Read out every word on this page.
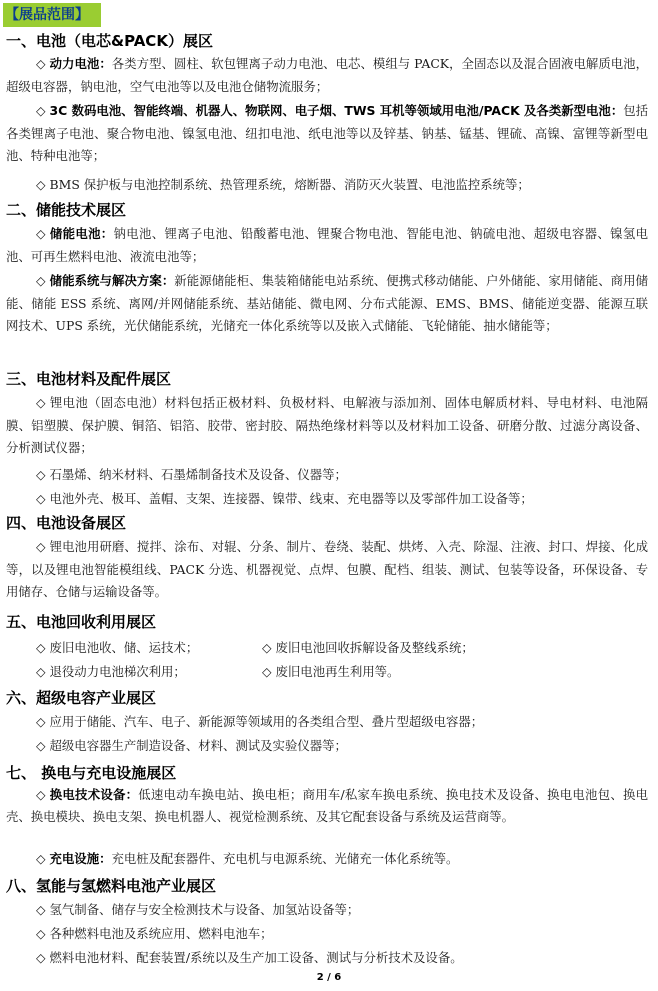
【展品范围】
一、电池（电芯&PACK）展区
◇ 动力电池：各类方型、圆柱、软包锂离子动力电池、电芯、模组与 PACK，全固态以及混合固液电解质电池，超级电容器，钠电池，空气电池等以及电池仓储物流服务；
◇ 3C 数码电池、智能终端、机器人、物联网、电子烟、TWS 耳机等领域用电池/PACK 及各类新型电池：包括各类锂离子电池、聚合物电池、镍氢电池、纽扣电池、纸电池等以及锌基、钠基、锰基、锂硫、高镍、富锂等新型电池、特种电池等；
◇ BMS 保护板与电池控制系统、热管理系统，熔断器、消防灭火装置、电池监控系统等；
二、储能技术展区
◇ 储能电池：钠电池、锂离子电池、铅酸蓄电池、锂聚合物电池、智能电池、钠硫电池、超级电容器、镍氢电池、可再生燃料电池、液流电池等；
◇ 储能系统与解决方案：新能源储能柜、集装箱储能电站系统、便携式移动储能、户外储能、家用储能、商用储能、储能 ESS 系统、离网/并网储能系统、基站储能、微电网、分布式能源、EMS、BMS、储能逆变器、能源互联网技术、UPS 系统，光伏储能系统，光储充一体化系统等以及嵌入式储能、飞轮储能、抽水储能等；
三、电池材料及配件展区
◇ 锂电池（固态电池）材料包括正极材料、负极材料、电解液与添加剂、固体电解质材料、导电材料、电池隔膜、铝塑膜、保护膜、铜箔、铝箔、胶带、密封胶、隔热绝缘材料等以及材料加工设备、研磨分散、过滤分离设备、分析测试仪器；
◇ 石墨烯、纳米材料、石墨烯制备技术及设备、仪器等；
◇ 电池外壳、极耳、盖帽、支架、连接器、镍带、线束、充电器等以及零部件加工设备等；
四、电池设备展区
◇ 锂电池用研磨、搅拌、涂布、对辊、分条、制片、卷绕、装配、烘烤、入壳、除湿、注液、封口、焊接、化成等，以及锂电池智能模组线、PACK 分选、机器视觉、点焊、包膜、配档、组装、测试、包装等设备，环保设备、专用储存、仓储与运输设备等。
五、电池回收利用展区
◇ 废旧电池收、储、运技术；	◇ 废旧电池回收拆解设备及整线系统；
◇ 退役动力电池梯次利用；	◇ 废旧电池再生利用等。
六、超级电容产业展区
◇ 应用于储能、汽车、电子、新能源等领域用的各类组合型、叠片型超级电容器；
◇ 超级电容器生产制造设备、材料、测试及实验仪器等；
七、 换电与充电设施展区
◇ 换电技术设备：低速电动车换电站、换电柜；商用车/私家车换电系统、换电技术及设备、换电电池包、换电壳、换电模块、换电支架、换电机器人、视觉检测系统、及其它配套设备与系统及运营商等。
◇ 充电设施：充电桩及配套器件、充电机与电源系统、光储充一体化系统等。
八、氢能与氢燃料电池产业展区
◇ 氢气制备、储存与安全检测技术与设备、加氢站设备等；
◇ 各种燃料电池及系统应用、燃料电池车；
◇ 燃料电池材料、配套装置/系统以及生产加工设备、测试与分析技术及设备。
2 / 6
